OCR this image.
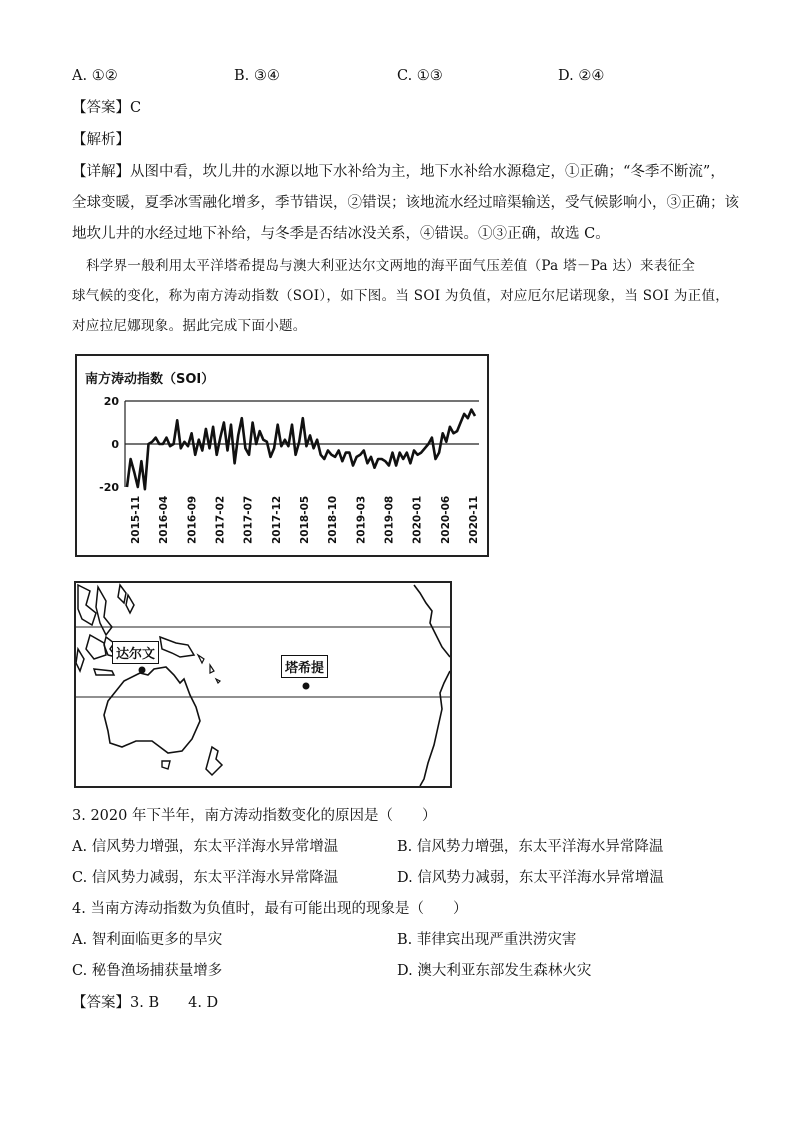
A. ①②	B. ③④	C. ①③	D. ②④
【答案】C
【解析】
【详解】从图中看，坎儿井的水源以地下水补给为主，地下水补给水源稳定，①正确；“冬季不断流”，
全球变暖，夏季冰雪融化增多，季节错误，②错误；该地流水经过暗渠输送，受气候影响小，③正确；该
地坎儿井的水经过地下补给，与冬季是否结冰没关系，④错误。①③正确，故选 C。
科学界一般利用太平洋塔希提岛与澳大利亚达尔文两地的海平面气压差值（Pa 塔－Pa 达）来表征全
球气候的变化，称为南方涛动指数（SOI），如下图。当 SOI 为负值，对应厄尔尼诺现象，当 SOI 为正值，
对应拉尼娜现象。据此完成下面小题。
南方涛动指数（SOI）
20
0
-20
2015-11 2016-04 2016-09 2017-02 2017-07 2017-12 2018-05 2018-10 2019-03 2019-08 2020-01 2020-06 2020-11
达尔文
塔希提
3. 2020 年下半年，南方涛动指数变化的原因是（　　）
A. 信风势力增强，东太平洋海水异常增温	B. 信风势力增强，东太平洋海水异常降温
C. 信风势力减弱，东太平洋海水异常降温	D. 信风势力减弱，东太平洋海水异常增温
4. 当南方涛动指数为负值时，最有可能出现的现象是（　　）
A. 智利面临更多的旱灾	B. 菲律宾出现严重洪涝灾害
C. 秘鲁渔场捕获量增多	D. 澳大利亚东部发生森林火灾
【答案】3. B　　4. D
